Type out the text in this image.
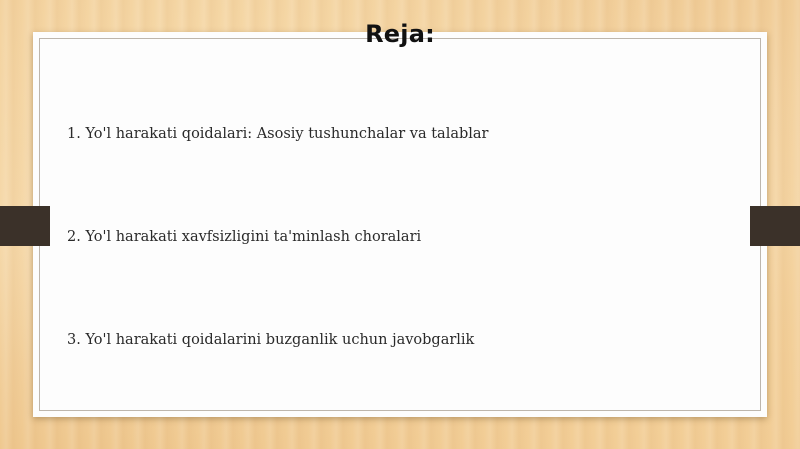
Reja:
1. Yo'l harakati qoidalari: Asosiy tushunchalar va talablar
2. Yo'l harakati xavfsizligini ta'minlash choralari
3. Yo'l harakati qoidalarini buzganlik uchun javobgarlik
